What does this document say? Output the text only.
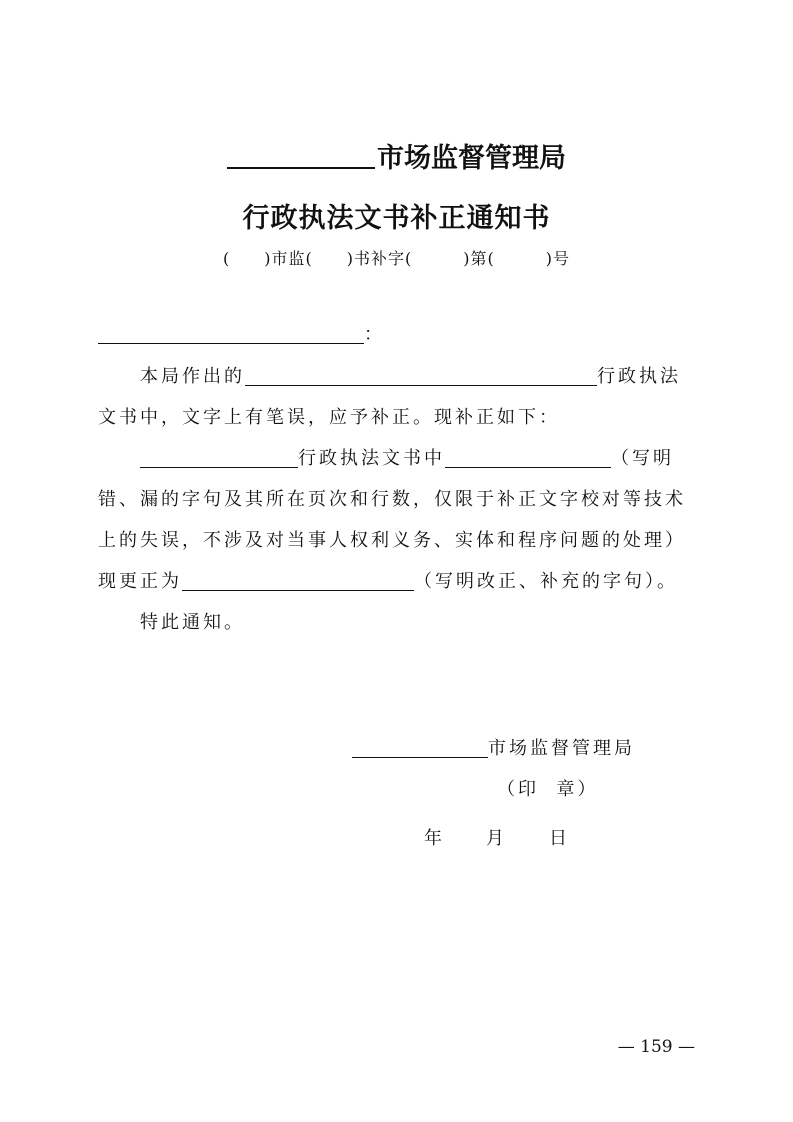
市场监督管理局
行政执法文书补正通知书
(　　)市监(　　)书补字(　　　)第(　　　)号
：
本局作出的	行政执法
文书中，文字上有笔误，应予补正。现补正如下：
行政执法文书中	（写明
错、漏的字句及其所在页次和行数，仅限于补正文字校对等技术
上的失误，不涉及对当事人权利义务、实体和程序问题的处理）
现更正为	（写明改正、补充的字句）。
特此通知。
市场监督管理局
（印  章）
年 月 日
— 159 —
